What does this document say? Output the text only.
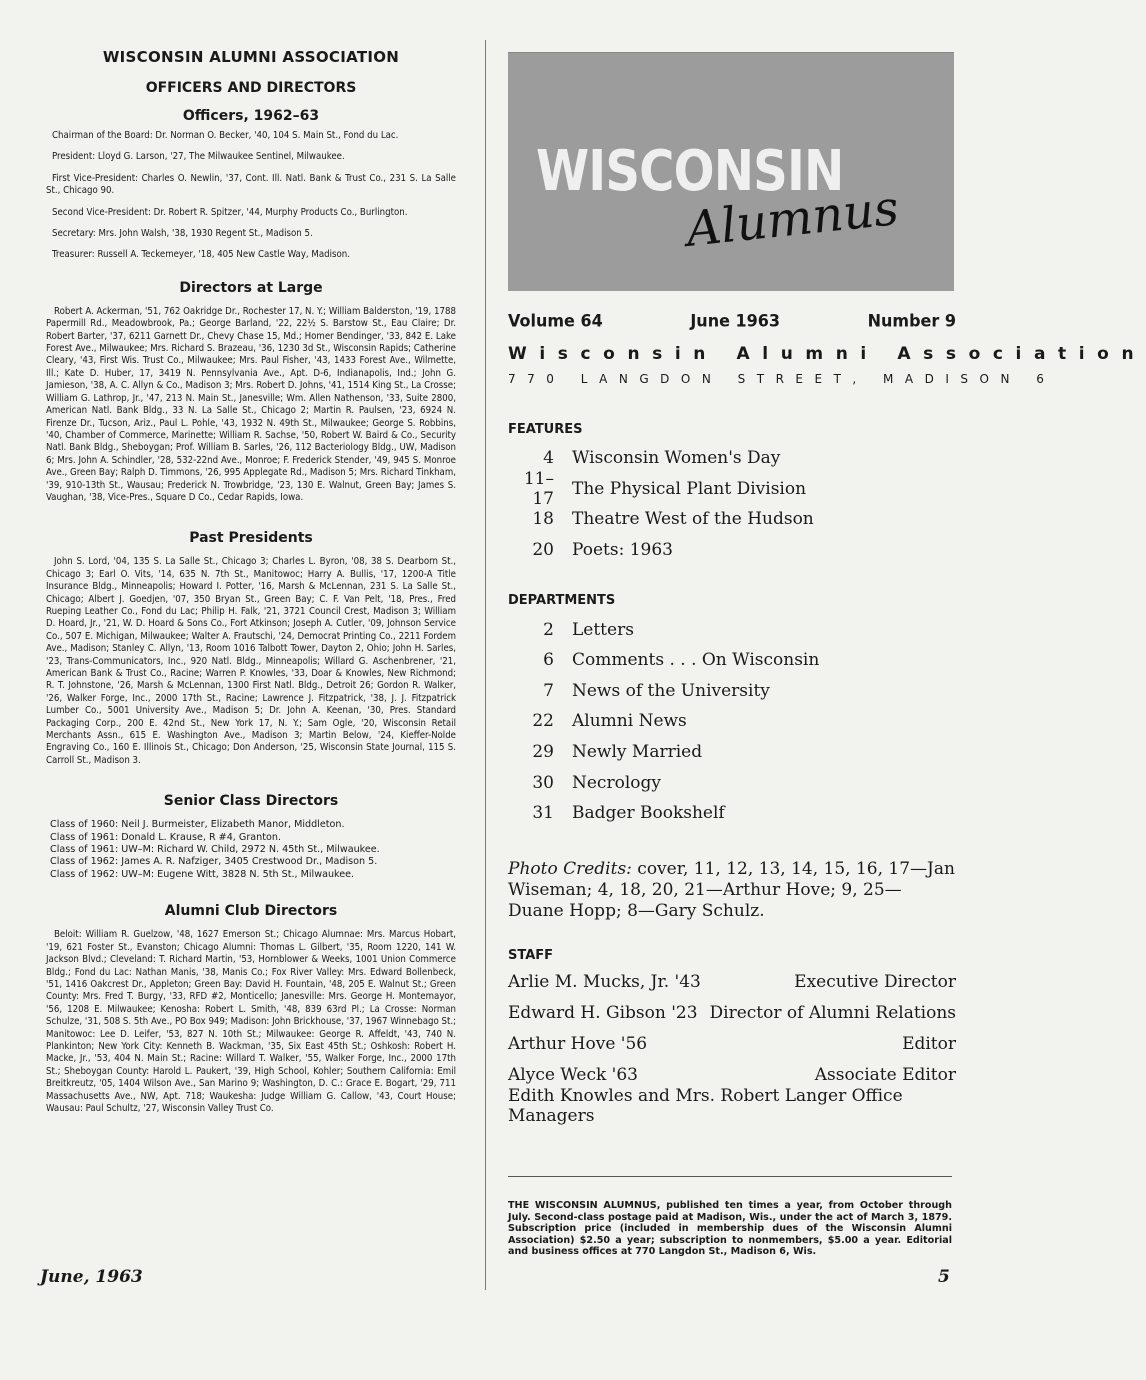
WISCONSIN ALUMNI ASSOCIATION
OFFICERS AND DIRECTORS
Officers, 1962–63

Chairman of the Board: Dr. Norman O. Becker, '40, 104 S. Main St., Fond du Lac.

President: Lloyd G. Larson, '27, The Milwaukee Sentinel, Milwaukee.

First Vice-President: Charles O. Newlin, '37, Cont. Ill. Natl. Bank & Trust Co., 231 S. La Salle St., Chicago 90.

Second Vice-President: Dr. Robert R. Spitzer, '44, Murphy Products Co., Burlington.

Secretary: Mrs. John Walsh, '38, 1930 Regent St., Madison 5.

Treasurer: Russell A. Teckemeyer, '18, 405 New Castle Way, Madison.

Directors at Large

Robert A. Ackerman, '51, 762 Oakridge Dr., Rochester 17, N. Y.; William Balderston, '19, 1788 Papermill Rd., Meadowbrook, Pa.; George Barland, '22, 22½ S. Barstow St., Eau Claire; Dr. Robert Barter, '37, 6211 Garnett Dr., Chevy Chase 15, Md.; Homer Bendinger, '33, 842 E. Lake Forest Ave., Milwaukee; Mrs. Richard S. Brazeau, '36, 1230 3d St., Wisconsin Rapids; Catherine Cleary, '43, First Wis. Trust Co., Milwaukee; Mrs. Paul Fisher, '43, 1433 Forest Ave., Wilmette, Ill.; Kate D. Huber, 17, 3419 N. Pennsylvania Ave., Apt. D-6, Indianapolis, Ind.; John G. Jamieson, '38, A. C. Allyn & Co., Madison 3; Mrs. Robert D. Johns, '41, 1514 King St., La Crosse; William G. Lathrop, Jr., '47, 213 N. Main St., Janesville; Wm. Allen Nathenson, '33, Suite 2800, American Natl. Bank Bldg., 33 N. La Salle St., Chicago 2; Martin R. Paulsen, '23, 6924 N. Firenze Dr., Tucson, Ariz., Paul L. Pohle, '43, 1932 N. 49th St., Milwaukee; George S. Robbins, '40, Chamber of Commerce, Marinette; William R. Sachse, '50, Robert W. Baird & Co., Security Natl. Bank Bldg., Sheboygan; Prof. William B. Sarles, '26, 112 Bacteriology Bldg., UW, Madison 6; Mrs. John A. Schindler, '28, 532-22nd Ave., Monroe; F. Frederick Stender, '49, 945 S. Monroe Ave., Green Bay; Ralph D. Timmons, '26, 995 Applegate Rd., Madison 5; Mrs. Richard Tinkham, '39, 910-13th St., Wausau; Frederick N. Trowbridge, '23, 130 E. Walnut, Green Bay; James S. Vaughan, '38, Vice-Pres., Square D Co., Cedar Rapids, Iowa.

Past Presidents

John S. Lord, '04, 135 S. La Salle St., Chicago 3; Charles L. Byron, '08, 38 S. Dearborn St., Chicago 3; Earl O. Vits, '14, 635 N. 7th St., Manitowoc; Harry A. Bullis, '17, 1200-A Title Insurance Bldg., Minneapolis; Howard I. Potter, '16, Marsh & McLennan, 231 S. La Salle St., Chicago; Albert J. Goedjen, '07, 350 Bryan St., Green Bay; C. F. Van Pelt, '18, Pres., Fred Rueping Leather Co., Fond du Lac; Philip H. Falk, '21, 3721 Council Crest, Madison 3; William D. Hoard, Jr., '21, W. D. Hoard & Sons Co., Fort Atkinson; Joseph A. Cutler, '09, Johnson Service Co., 507 E. Michigan, Milwaukee; Walter A. Frautschi, '24, Democrat Printing Co., 2211 Fordem Ave., Madison; Stanley C. Allyn, '13, Room 1016 Talbott Tower, Dayton 2, Ohio; John H. Sarles, '23, Trans-Communicators, Inc., 920 Natl. Bldg., Minneapolis; Willard G. Aschenbrener, '21, American Bank & Trust Co., Racine; Warren P. Knowles, '33, Doar & Knowles, New Richmond; R. T. Johnstone, '26, Marsh & McLennan, 1300 First Natl. Bldg., Detroit 26; Gordon R. Walker, '26, Walker Forge, Inc., 2000 17th St., Racine; Lawrence J. Fitzpatrick, '38, J. J. Fitzpatrick Lumber Co., 5001 University Ave., Madison 5; Dr. John A. Keenan, '30, Pres. Standard Packaging Corp., 200 E. 42nd St., New York 17, N. Y.; Sam Ogle, '20, Wisconsin Retail Merchants Assn., 615 E. Washington Ave., Madison 3; Martin Below, '24, Kieffer-Nolde Engraving Co., 160 E. Illinois St., Chicago; Don Anderson, '25, Wisconsin State Journal, 115 S. Carroll St., Madison 3.

Senior Class Directors

Class of 1960: Neil J. Burmeister, Elizabeth Manor, Middleton.

Class of 1961: Donald L. Krause, R #4, Granton.

Class of 1961: UW–M: Richard W. Child, 2972 N. 45th St., Milwaukee.

Class of 1962: James A. R. Nafziger, 3405 Crestwood Dr., Madison 5.

Class of 1962: UW–M: Eugene Witt, 3828 N. 5th St., Milwaukee.

Alumni Club Directors

Beloit: William R. Guelzow, '48, 1627 Emerson St.; Chicago Alumnae: Mrs. Marcus Hobart, '19, 621 Foster St., Evanston; Chicago Alumni: Thomas L. Gilbert, '35, Room 1220, 141 W. Jackson Blvd.; Cleveland: T. Richard Martin, '53, Hornblower & Weeks, 1001 Union Commerce Bldg.; Fond du Lac: Nathan Manis, '38, Manis Co.; Fox River Valley: Mrs. Edward Bollenbeck, '51, 1416 Oakcrest Dr., Appleton; Green Bay: David H. Fountain, '48, 205 E. Walnut St.; Green County: Mrs. Fred T. Burgy, '33, RFD #2, Monticello; Janesville: Mrs. George H. Montemayor, '56, 1208 E. Milwaukee; Kenosha: Robert L. Smith, '48, 839 63rd Pl.; La Crosse: Norman Schulze, '31, 508 S. 5th Ave., PO Box 949; Madison: John Brickhouse, '37, 1967 Winnebago St.; Manitowoc: Lee D. Leifer, '53, 827 N. 10th St.; Milwaukee: George R. Affeldt, '43, 740 N. Plankinton; New York City: Kenneth B. Wackman, '35, Six East 45th St.; Oshkosh: Robert H. Macke, Jr., '53, 404 N. Main St.; Racine: Willard T. Walker, '55, Walker Forge, Inc., 2000 17th St.; Sheboygan County: Harold L. Paukert, '39, High School, Kohler; Southern California: Emil Breitkreutz, '05, 1404 Wilson Ave., San Marino 9; Washington, D. C.: Grace E. Bogart, '29, 711 Massachusetts Ave., NW, Apt. 718; Waukesha: Judge William G. Callow, '43, Court House; Wausau: Paul Schultz, '27, Wisconsin Valley Trust Co.

June, 1963
WISCONSIN
Alumnus
Volume 64	June 1963	Number 9
Wisconsin Alumni Association
770 LANGDON STREET, MADISON 6
FEATURES
4	Wisconsin Women's Day
11–17	The Physical Plant Division
18	Theatre West of the Hudson
20	Poets: 1963
DEPARTMENTS
2	Letters
6	Comments . . . On Wisconsin
7	News of the University
22	Alumni News
29	Newly Married
30	Necrology
31	Badger Bookshelf

Photo Credits: cover, 11, 12, 13, 14, 15, 16, 17—Jan Wiseman; 4, 18, 20, 21—Arthur Hove; 9, 25—Duane Hopp; 8—Gary Schulz.

STAFF
Arlie M. Mucks, Jr. '43	Executive Director
Edward H. Gibson '23 Director of Alumni Relations
Arthur Hove '56	Editor
Alyce Weck '63	Associate Editor
Edith Knowles and Mrs. Robert Langer Office Managers
THE WISCONSIN ALUMNUS, published ten times a year, from October through July. Second-class postage paid at Madison, Wis., under the act of March 3, 1879. Subscription price (included in membership dues of the Wisconsin Alumni Association) $2.50 a year; subscription to nonmembers, $5.00 a year. Editorial and business offices at 770 Langdon St., Madison 6, Wis.
5
